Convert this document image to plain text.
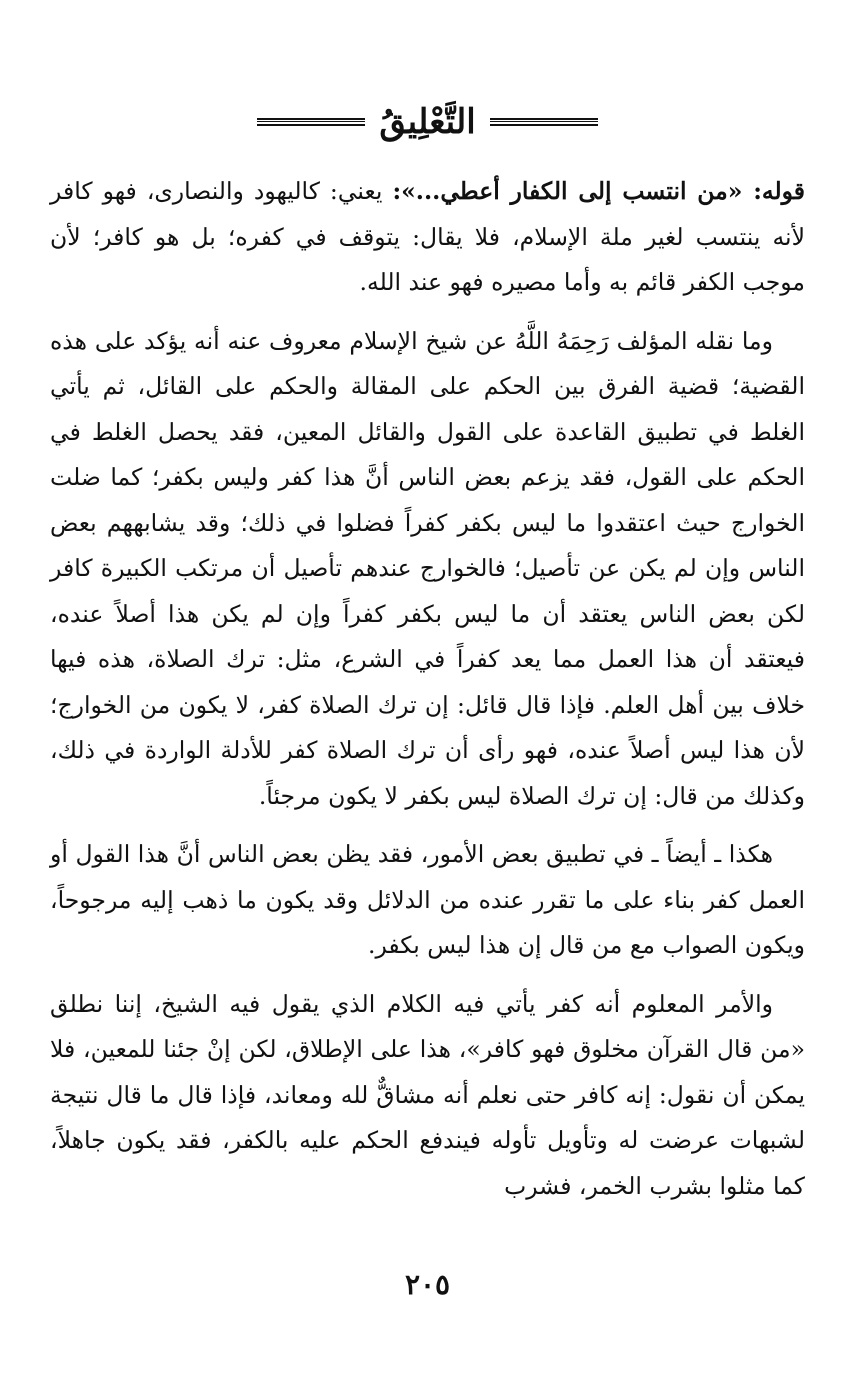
التَّعْلِيقُ

قوله: «من انتسب إلى الكفار أعطي...»: يعني: كاليهود والنصارى، فهو كافر لأنه ينتسب لغير ملة الإسلام، فلا يقال: يتوقف في كفره؛ بل هو كافر؛ لأن موجب الكفر قائم به وأما مصيره فهو عند الله.

وما نقله المؤلف رَحِمَهُ اللَّهُ عن شيخ الإسلام معروف عنه أنه يؤكد على هذه القضية؛ قضية الفرق بين الحكم على المقالة والحكم على القائل، ثم يأتي الغلط في تطبيق القاعدة على القول والقائل المعين، فقد يحصل الغلط في الحكم على القول، فقد يزعم بعض الناس أنَّ هذا كفر وليس بكفر؛ كما ضلت الخوارج حيث اعتقدوا ما ليس بكفر كفراً فضلوا في ذلك؛ وقد يشابههم بعض الناس وإن لم يكن عن تأصيل؛ فالخوارج عندهم تأصيل أن مرتكب الكبيرة كافر لكن بعض الناس يعتقد أن ما ليس بكفر كفراً وإن لم يكن هذا أصلاً عنده، فيعتقد أن هذا العمل مما يعد كفراً في الشرع، مثل: ترك الصلاة، هذه فيها خلاف بين أهل العلم. فإذا قال قائل: إن ترك الصلاة كفر، لا يكون من الخوارج؛ لأن هذا ليس أصلاً عنده، فهو رأى أن ترك الصلاة كفر للأدلة الواردة في ذلك، وكذلك من قال: إن ترك الصلاة ليس بكفر لا يكون مرجئاً.

هكذا ـ أيضاً ـ في تطبيق بعض الأمور، فقد يظن بعض الناس أنَّ هذا القول أو العمل كفر بناء على ما تقرر عنده من الدلائل وقد يكون ما ذهب إليه مرجوحاً، ويكون الصواب مع من قال إن هذا ليس بكفر.

والأمر المعلوم أنه كفر يأتي فيه الكلام الذي يقول فيه الشيخ، إننا نطلق «من قال القرآن مخلوق فهو كافر»، هذا على الإطلاق، لكن إنْ جئنا للمعين، فلا يمكن أن نقول: إنه كافر حتى نعلم أنه مشاقٌّ لله ومعاند، فإذا قال ما قال نتيجة لشبهات عرضت له وتأويل تأوله فيندفع الحكم عليه بالكفر، فقد يكون جاهلاً، كما مثلوا بشرب الخمر، فشرب

٢٠٥
